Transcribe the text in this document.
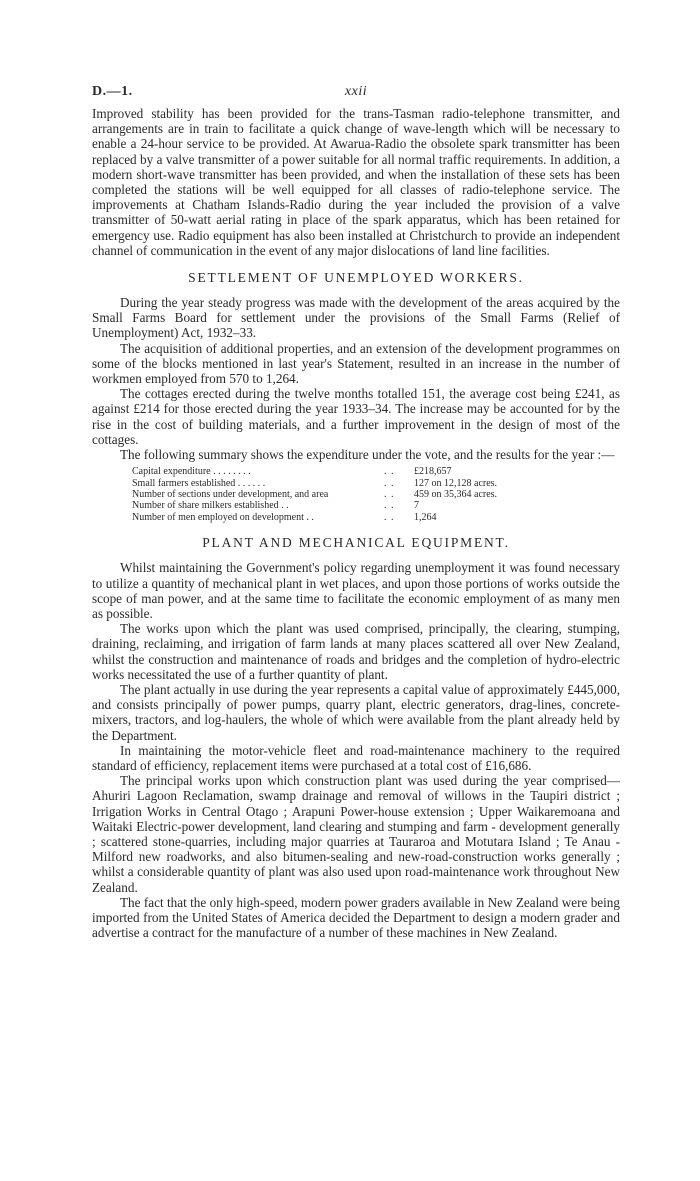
D.—1.	xxii

Improved stability has been provided for the trans-Tasman radio-telephone transmitter, and arrangements are in train to facilitate a quick change of wave-length which will be necessary to enable a 24-hour service to be provided. At Awarua-Radio the obsolete spark transmitter has been replaced by a valve transmitter of a power suitable for all normal traffic requirements. In addition, a modern short-wave transmitter has been provided, and when the installation of these sets has been completed the stations will be well equipped for all classes of radio-telephone service. The improvements at Chatham Islands-Radio during the year included the provision of a valve transmitter of 50-watt aerial rating in place of the spark apparatus, which has been retained for emergency use. Radio equipment has also been installed at Christchurch to provide an independent channel of communication in the event of any major dislocations of land line facilities.

SETTLEMENT OF UNEMPLOYED WORKERS.

During the year steady progress was made with the development of the areas acquired by the Small Farms Board for settlement under the provisions of the Small Farms (Relief of Unemployment) Act, 1932–33.

The acquisition of additional properties, and an extension of the development programmes on some of the blocks mentioned in last year's Statement, resulted in an increase in the number of workmen employed from 570 to 1,264.

The cottages erected during the twelve months totalled 151, the average cost being £241, as against £214 for those erected during the year 1933–34. The increase may be accounted for by the rise in the cost of building materials, and a further improvement in the design of most of the cottages.

The following summary shows the expenditure under the vote, and the results for the year :—

Capital expenditure . . . . . . . .	. .	£218,657
Small farmers established . . . . . .	. .	127 on 12,128 acres.
Number of sections under development, and area	. .	459 on 35,364 acres.
Number of share milkers established . .	. .	7
Number of men employed on development . .	. .	1,264
PLANT AND MECHANICAL EQUIPMENT.

Whilst maintaining the Government's policy regarding unemployment it was found necessary to utilize a quantity of mechanical plant in wet places, and upon those portions of works outside the scope of man power, and at the same time to facilitate the economic employment of as many men as possible.

The works upon which the plant was used comprised, principally, the clearing, stumping, draining, reclaiming, and irrigation of farm lands at many places scattered all over New Zealand, whilst the construction and maintenance of roads and bridges and the completion of hydro-electric works necessitated the use of a further quantity of plant.

The plant actually in use during the year represents a capital value of approximately £445,000, and consists principally of power pumps, quarry plant, electric generators, drag-lines, concrete-mixers, tractors, and log-haulers, the whole of which were available from the plant already held by the Department.

In maintaining the motor-vehicle fleet and road-maintenance machinery to the required standard of efficiency, replacement items were purchased at a total cost of £16,686.

The principal works upon which construction plant was used during the year comprised—Ahuriri Lagoon Reclamation, swamp drainage and removal of willows in the Taupiri district ; Irrigation Works in Central Otago ; Arapuni Power-house extension ; Upper Waikaremoana and Waitaki Electric-power development, land clearing and stumping and farm - development generally ; scattered stone-quarries, including major quarries at Tauraroa and Motutara Island ; Te Anau - Milford new roadworks, and also bitumen-sealing and new-road-construction works generally ; whilst a considerable quantity of plant was also used upon road-maintenance work throughout New Zealand.

The fact that the only high-speed, modern power graders available in New Zealand were being imported from the United States of America decided the Department to design a modern grader and advertise a contract for the manufacture of a number of these machines in New Zealand.
